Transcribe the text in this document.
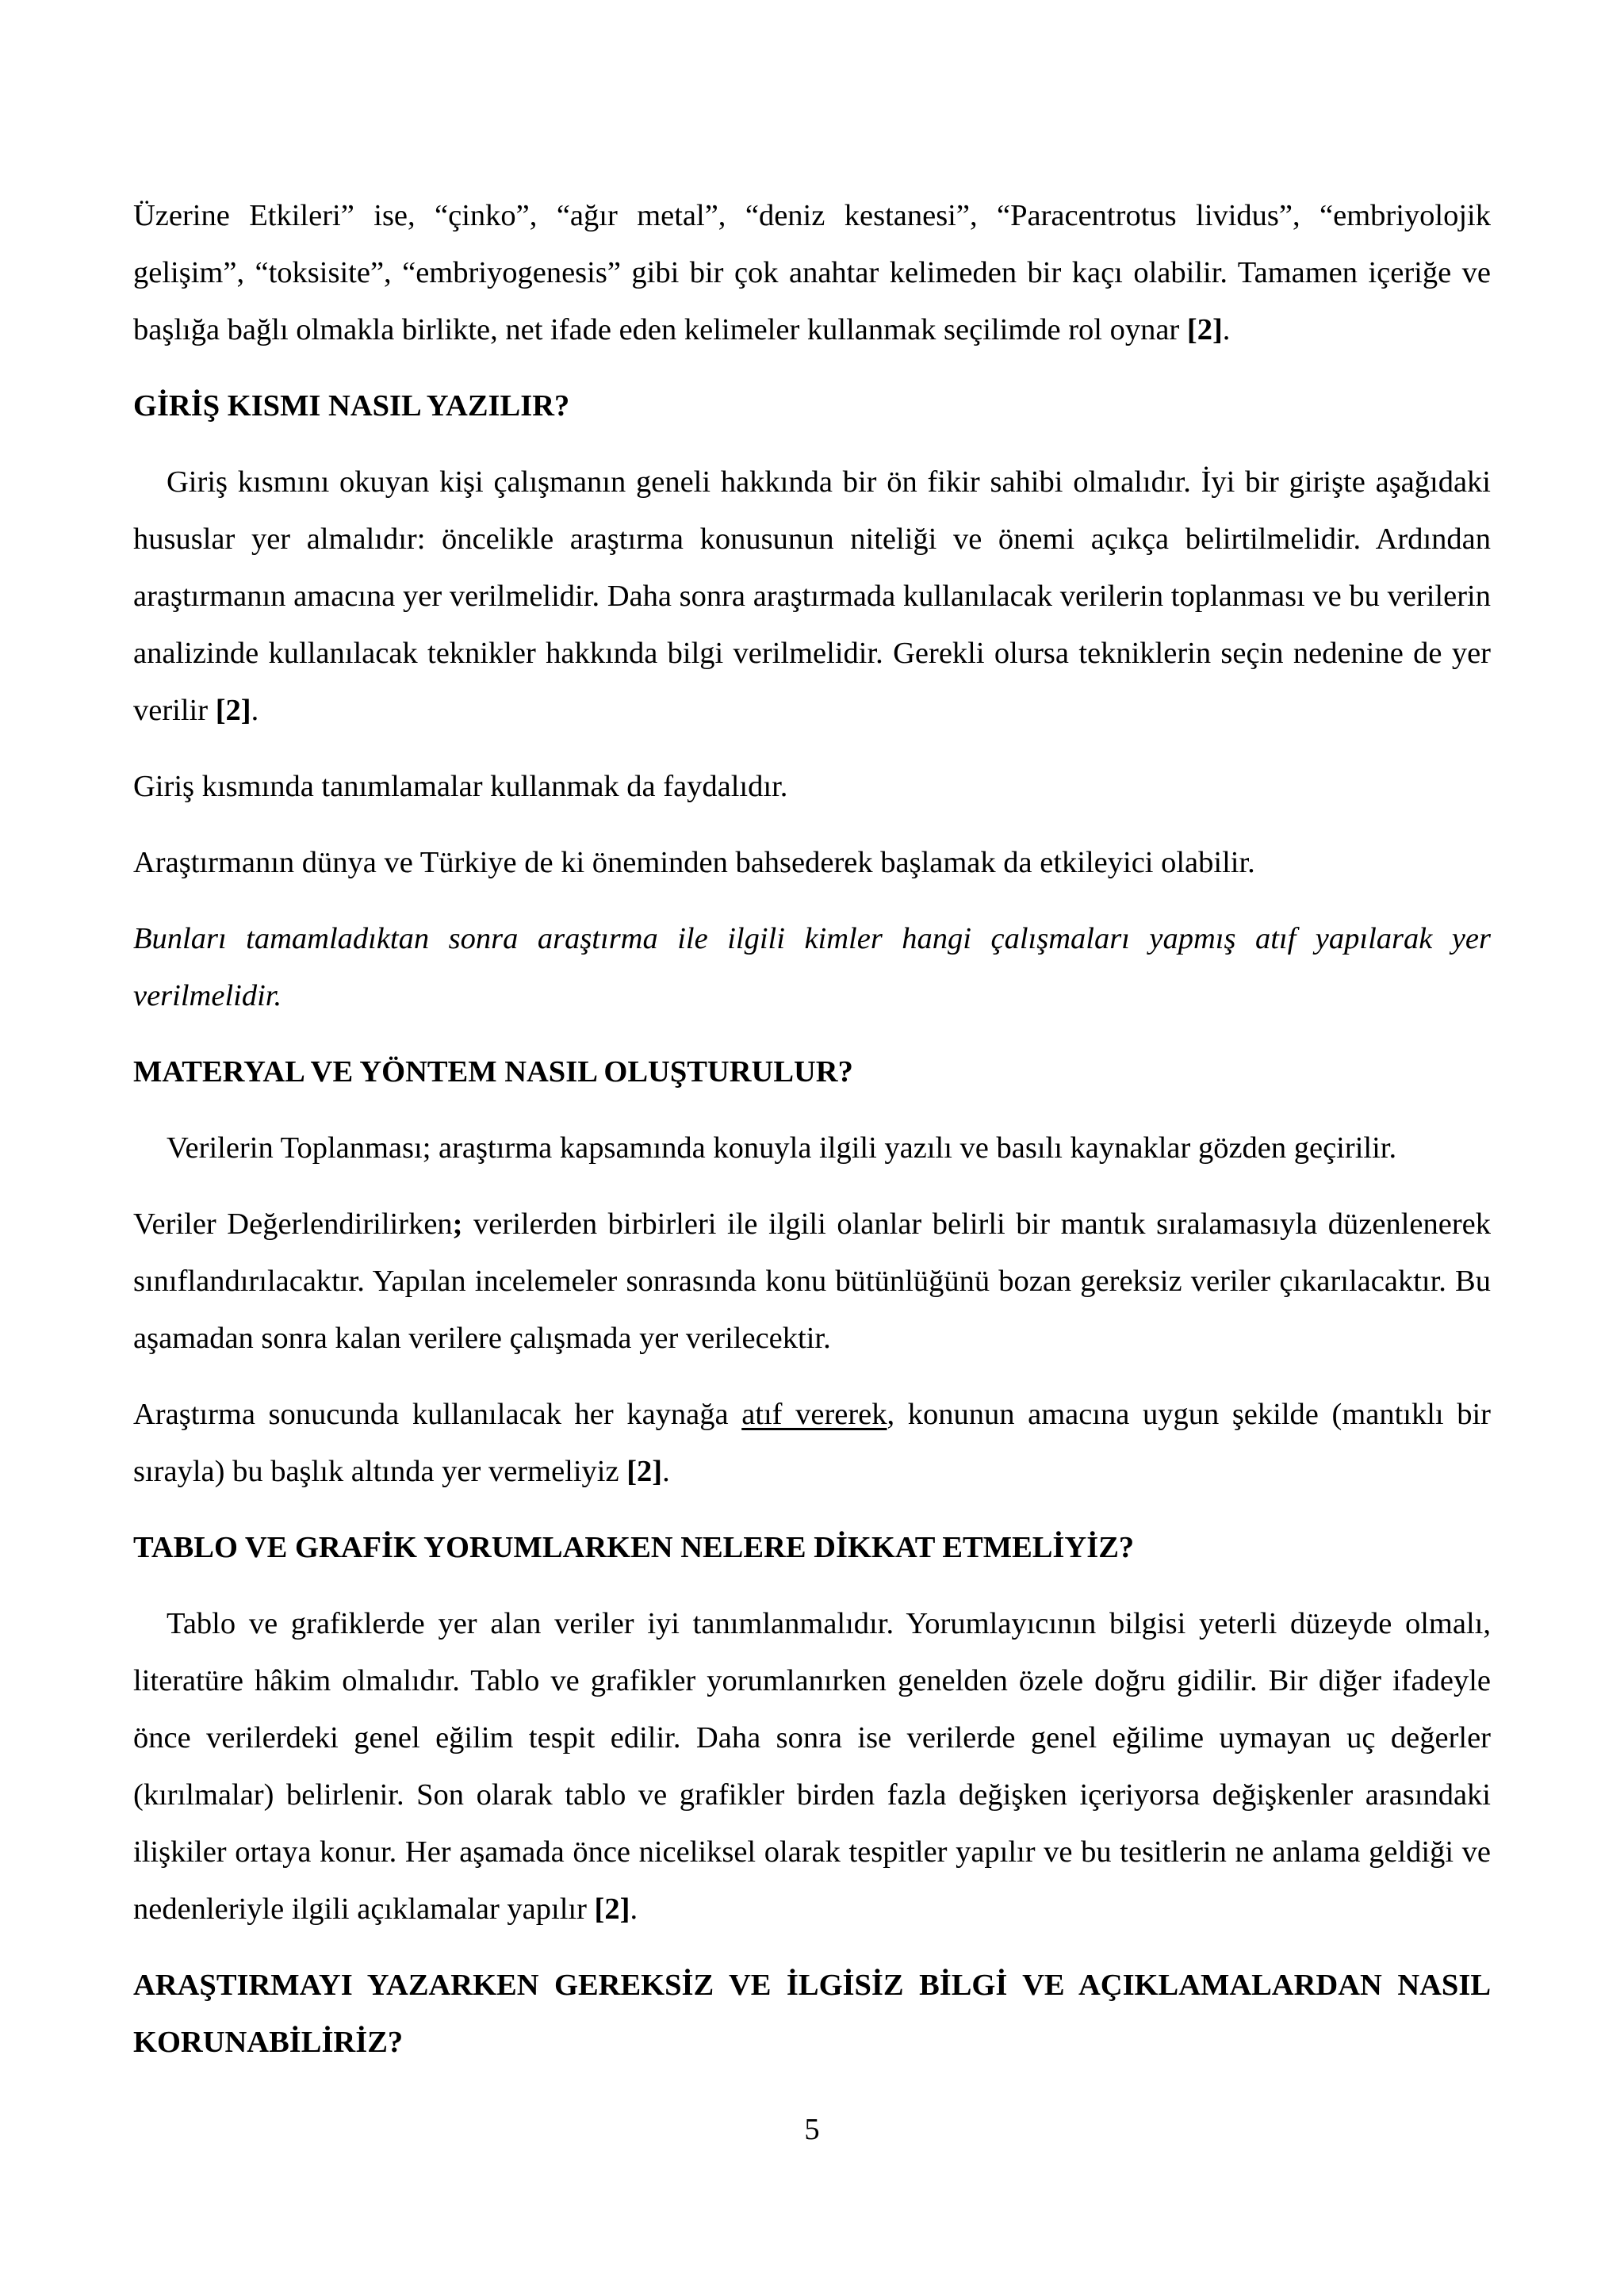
Üzerine Etkileri” ise, “çinko”, “ağır metal”, “deniz kestanesi”, “Paracentrotus lividus”, “embriyolojik gelişim”, “toksisite”, “embriyogenesis” gibi bir çok anahtar kelimeden bir kaçı olabilir. Tamamen içeriğe ve başlığa bağlı olmakla birlikte, net ifade eden kelimeler kullanmak seçilimde rol oynar [2].

GİRİŞ KISMI NASIL YAZILIR?

Giriş kısmını okuyan kişi çalışmanın geneli hakkında bir ön fikir sahibi olmalıdır. İyi bir girişte aşağıdaki hususlar yer almalıdır: öncelikle araştırma konusunun niteliği ve önemi açıkça belirtilmelidir. Ardından araştırmanın amacına yer verilmelidir. Daha sonra araştırmada kullanılacak verilerin toplanması ve bu verilerin analizinde kullanılacak teknikler hakkında bilgi verilmelidir. Gerekli olursa tekniklerin seçin nedenine de yer verilir [2].

Giriş kısmında tanımlamalar kullanmak da faydalıdır.

Araştırmanın dünya ve Türkiye de ki öneminden bahsederek başlamak da etkileyici olabilir.

Bunları tamamladıktan sonra araştırma ile ilgili kimler hangi çalışmaları yapmış atıf yapılarak yer verilmelidir.

MATERYAL VE YÖNTEM NASIL OLUŞTURULUR?

Verilerin Toplanması; araştırma kapsamında konuyla ilgili yazılı ve basılı kaynaklar gözden geçirilir.

Veriler Değerlendirilirken; verilerden birbirleri ile ilgili olanlar belirli bir mantık sıralamasıyla düzenlenerek sınıflandırılacaktır. Yapılan incelemeler sonrasında konu bütünlüğünü bozan gereksiz veriler çıkarılacaktır. Bu aşamadan sonra kalan verilere çalışmada yer verilecektir.

Araştırma sonucunda kullanılacak her kaynağa atıf vererek, konunun amacına uygun şekilde (mantıklı bir sırayla) bu başlık altında yer vermeliyiz [2].

TABLO VE GRAFİK YORUMLARKEN NELERE DİKKAT ETMELİYİZ?

Tablo ve grafiklerde yer alan veriler iyi tanımlanmalıdır. Yorumlayıcının bilgisi yeterli düzeyde olmalı, literatüre hâkim olmalıdır. Tablo ve grafikler yorumlanırken genelden özele doğru gidilir. Bir diğer ifadeyle önce verilerdeki genel eğilim tespit edilir. Daha sonra ise verilerde genel eğilime uymayan uç değerler (kırılmalar) belirlenir. Son olarak tablo ve grafikler birden fazla değişken içeriyorsa değişkenler arasındaki ilişkiler ortaya konur. Her aşamada önce niceliksel olarak tespitler yapılır ve bu tesitlerin ne anlama geldiği ve nedenleriyle ilgili açıklamalar yapılır [2].

ARAŞTIRMAYI YAZARKEN GEREKSİZ VE İLGİSİZ BİLGİ VE AÇIKLAMALARDAN NASIL KORUNABİLİRİZ?
5
